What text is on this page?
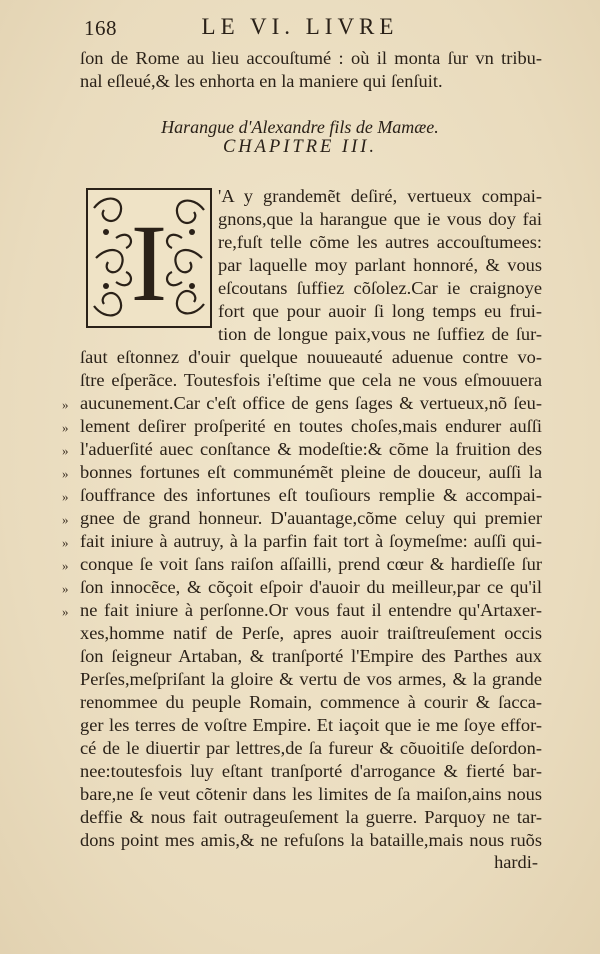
168	LE VI. LIVRE
ſon de Rome au lieu accouſtumé : où il monta ſur vn tribu-
nal eſleué,& les enhorta en la maniere qui ſenſuit.
Harangue d'Alexandre fils de Mamæe.
CHAPITRE III.
I
'A y grandemẽt deſiré, vertueux compai-
gnons,que la harangue que ie vous doy fai
re,fuſt telle cõme les autres accouſtumees:
par laquelle moy parlant honnoré, & vous
eſcoutans ſuffiez cõſolez.Car ie craignoye
fort que pour auoir ſi long temps eu frui-
tion de longue paix,vous ne ſuffiez de ſur-
ſaut eſtonnez d'ouir quelque nouueauté aduenue contre vo-
ſtre eſperãce. Toutesfois i'eſtime que cela ne vous eſmouuera
aucunement.Car c'eſt office de gens ſages & vertueux,nõ ſeu-
lement deſirer proſperité en toutes choſes,mais endurer auſſi
l'aduerſité auec conſtance & modeſtie:& cõme la fruition des
bonnes fortunes eſt communémẽt pleine de douceur, auſſi la
ſouffrance des infortunes eſt touſiours remplie & accompai-
gnee de grand honneur. D'auantage,cõme celuy qui premier
fait iniure à autruy, à la parfin fait tort à ſoymeſme: auſſi qui-
conque ſe voit ſans raiſon aſſailli, prend cœur & hardieſſe ſur
ſon innocẽce, & cõçoit eſpoir d'auoir du meilleur,par ce qu'il
ne fait iniure à perſonne.Or vous faut il entendre qu'Artaxer-
xes,homme natif de Perſe, apres auoir traiſtreuſement occis
ſon ſeigneur Artaban, & tranſporté l'Empire des Parthes aux
Perſes,meſpriſant la gloire & vertu de vos armes, & la grande
renommee du peuple Romain, commence à courir & ſacca-
ger les terres de voſtre Empire. Et iaçoit que ie me ſoye effor-
cé de le diuertir par lettres,de ſa fureur & cõuoitiſe deſordon-
nee:toutesfois luy eſtant tranſporté d'arrogance & fierté bar-
bare,ne ſe veut cõtenir dans les limites de ſa maiſon,ains nous
deffie & nous fait outrageuſement la guerre. Parquoy ne tar-
dons point mes amis,& ne refuſons la bataille,mais nous ruõs
hardi-
»
»
»
»
»
»
»
»
»
»
